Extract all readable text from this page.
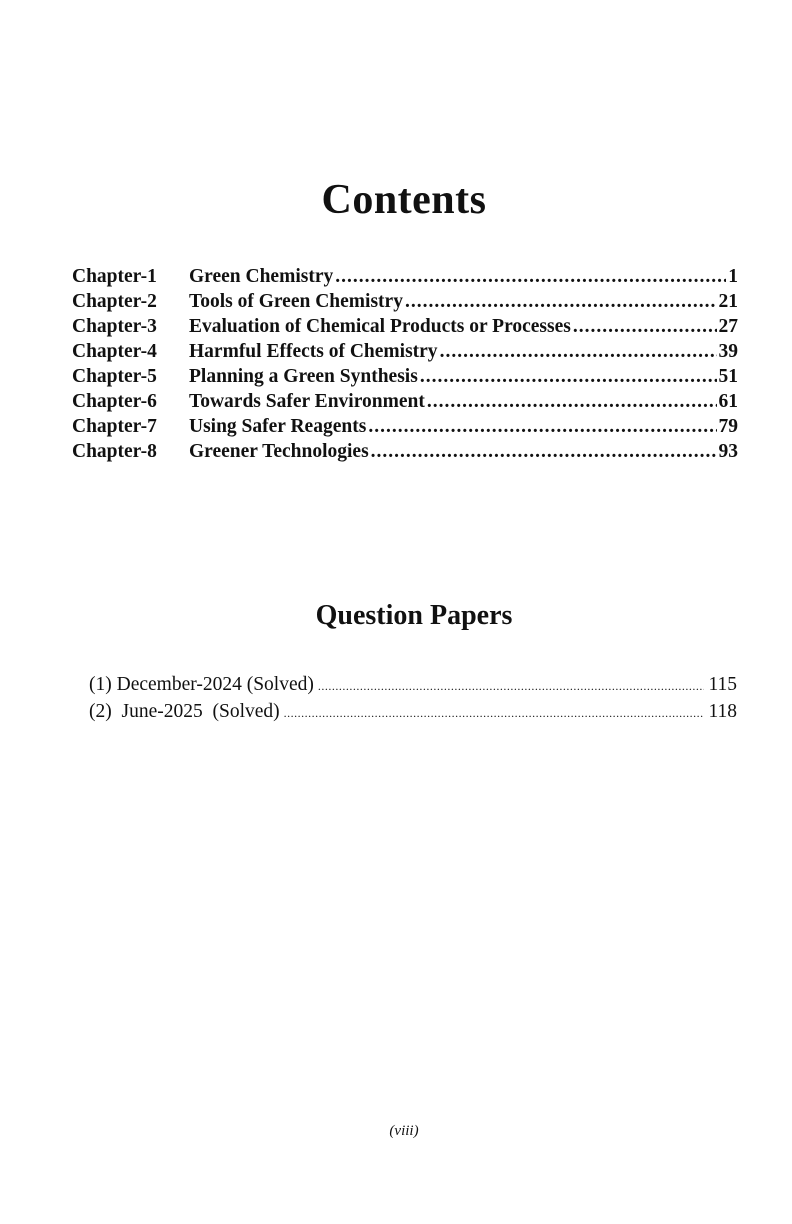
Contents
Chapter-1	Green Chemistry .....	1
Chapter-2	Tools of Green Chemistry .....	21
Chapter-3	Evaluation of Chemical Products or Processes .....	27
Chapter-4	Harmful Effects of Chemistry .....	39
Chapter-5	Planning a Green Synthesis .....	51
Chapter-6	Towards Safer Environment .....	61
Chapter-7	Using Safer Reagents .....	79
Chapter-8	Greener Technologies .....	93
Question Papers
(1) December-2024 (Solved) .....	115
(2)  June-2025  (Solved) .....	118
(viii)
